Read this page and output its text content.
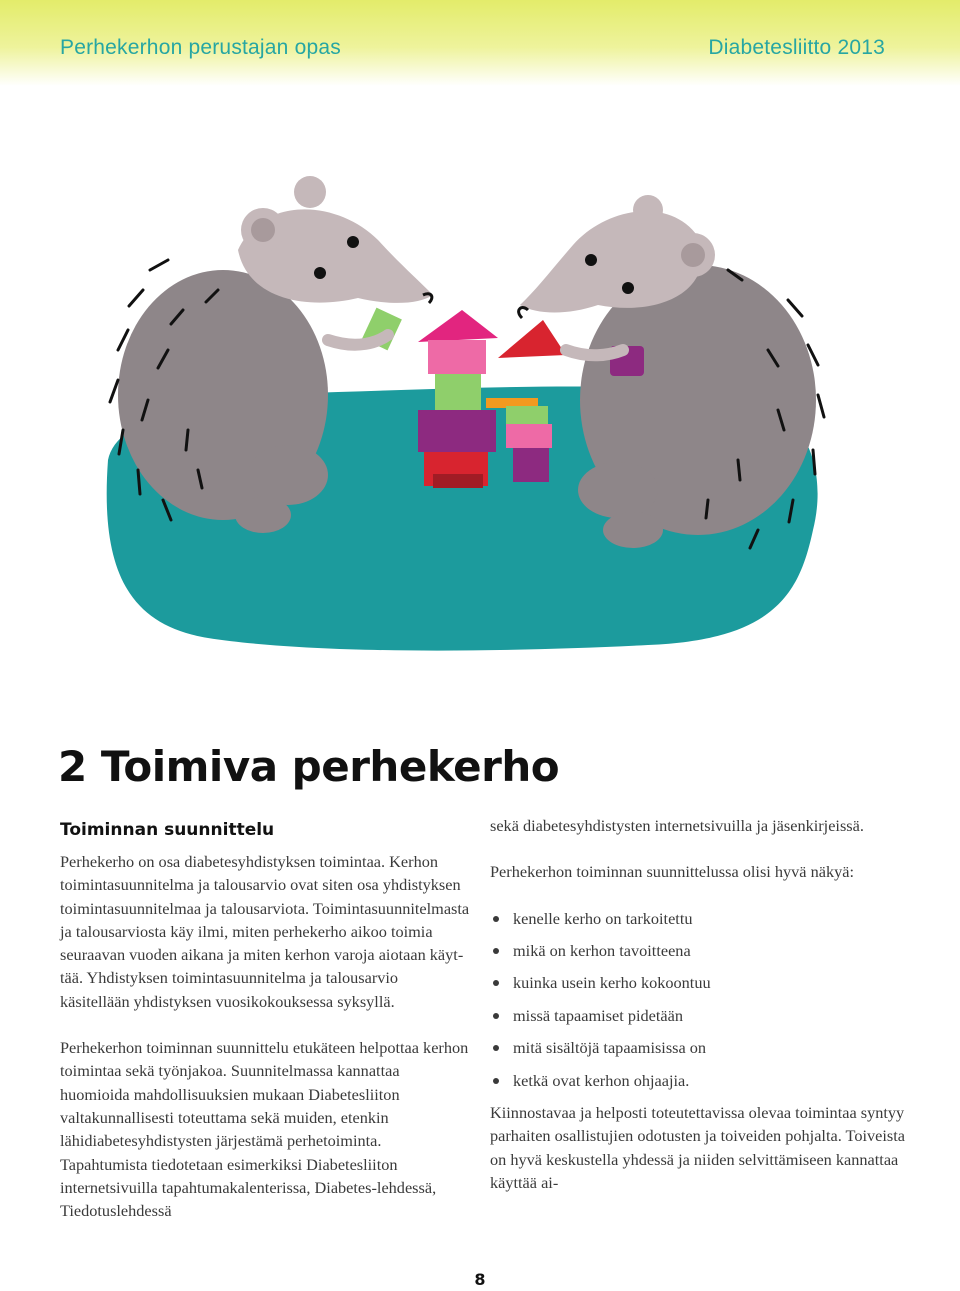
Perhekerhon perustajan opas	Diabetesliitto 2013
2 Toimiva perhekerho
Toiminnan suunnittelu

Perhekerho on osa diabetesyhdistyksen toimintaa. Kerhon toimintasuunnitelma ja talousarvio ovat siten osa yhdistyksen toimintasuunnitelmaa ja talousarviota. Toimintasuunnitelmasta ja talousarviosta käy ilmi, miten perhekerho aikoo toimia seuraavan vuoden aikana ja miten kerhon varoja aiotaan käyttää. Yhdistyksen toimintasuunnitelma ja talousarvio käsitellään yhdistyksen vuosikokouksessa syksyllä.

Perhekerhon toiminnan suunnittelu etukäteen helpottaa kerhon toimintaa sekä työnjakoa. Suunnitelmassa kannattaa huomioida mahdollisuuksien mukaan Diabetesliiton valtakunnallisesti toteuttama sekä muiden, etenkin lähidiabetesyhdistysten järjestämä perhetoiminta. Tapahtumista tiedotetaan esimerkiksi Diabetesliiton internetsivuilla tapahtumakalenterissa, Diabetes-lehdessä, Tiedotuslehdessä

sekä diabetesyhdistysten internetsivuilla ja jäsenkirjeissä.

Perhekerhon toiminnan suunnittelussa olisi hyvä näkyä:

kenelle kerho on tarkoitettu
mikä on kerhon tavoitteena
kuinka usein kerho kokoontuu
missä tapaamiset pidetään
mitä sisältöjä tapaamisissa on
ketkä ovat kerhon ohjaajia.

Kiinnostavaa ja helposti toteutettavissa olevaa toimintaa syntyy parhaiten osallistujien odotusten ja toiveiden pohjalta. Toiveista on hyvä keskustella yhdessä ja niiden selvittämiseen kannattaa käyttää ai-

8
